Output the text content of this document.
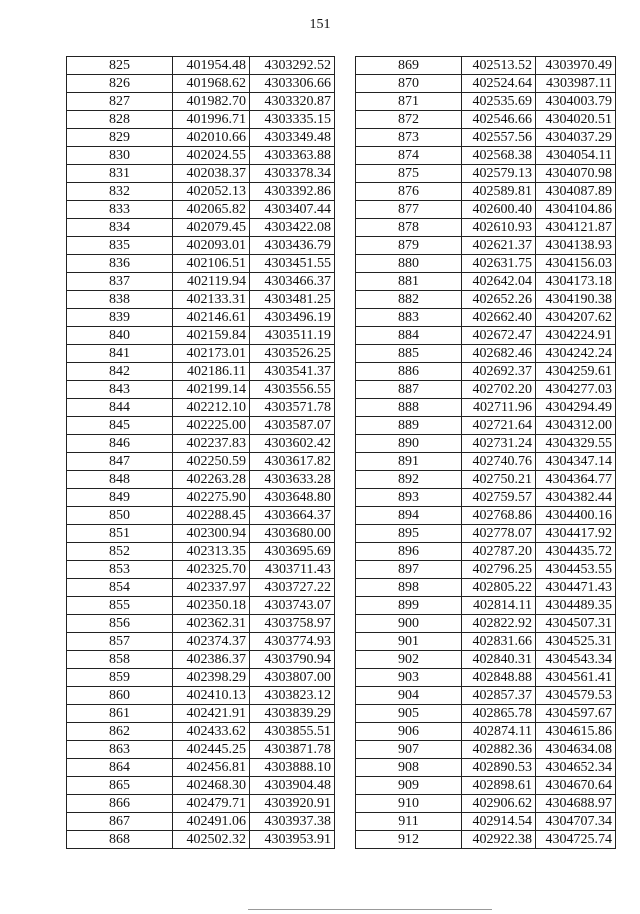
151
825	401954.48	4303292.52
826	401968.62	4303306.66
827	401982.70	4303320.87
828	401996.71	4303335.15
829	402010.66	4303349.48
830	402024.55	4303363.88
831	402038.37	4303378.34
832	402052.13	4303392.86
833	402065.82	4303407.44
834	402079.45	4303422.08
835	402093.01	4303436.79
836	402106.51	4303451.55
837	402119.94	4303466.37
838	402133.31	4303481.25
839	402146.61	4303496.19
840	402159.84	4303511.19
841	402173.01	4303526.25
842	402186.11	4303541.37
843	402199.14	4303556.55
844	402212.10	4303571.78
845	402225.00	4303587.07
846	402237.83	4303602.42
847	402250.59	4303617.82
848	402263.28	4303633.28
849	402275.90	4303648.80
850	402288.45	4303664.37
851	402300.94	4303680.00
852	402313.35	4303695.69
853	402325.70	4303711.43
854	402337.97	4303727.22
855	402350.18	4303743.07
856	402362.31	4303758.97
857	402374.37	4303774.93
858	402386.37	4303790.94
859	402398.29	4303807.00
860	402410.13	4303823.12
861	402421.91	4303839.29
862	402433.62	4303855.51
863	402445.25	4303871.78
864	402456.81	4303888.10
865	402468.30	4303904.48
866	402479.71	4303920.91
867	402491.06	4303937.38
868	402502.32	4303953.91
869	402513.52	4303970.49
870	402524.64	4303987.11
871	402535.69	4304003.79
872	402546.66	4304020.51
873	402557.56	4304037.29
874	402568.38	4304054.11
875	402579.13	4304070.98
876	402589.81	4304087.89
877	402600.40	4304104.86
878	402610.93	4304121.87
879	402621.37	4304138.93
880	402631.75	4304156.03
881	402642.04	4304173.18
882	402652.26	4304190.38
883	402662.40	4304207.62
884	402672.47	4304224.91
885	402682.46	4304242.24
886	402692.37	4304259.61
887	402702.20	4304277.03
888	402711.96	4304294.49
889	402721.64	4304312.00
890	402731.24	4304329.55
891	402740.76	4304347.14
892	402750.21	4304364.77
893	402759.57	4304382.44
894	402768.86	4304400.16
895	402778.07	4304417.92
896	402787.20	4304435.72
897	402796.25	4304453.55
898	402805.22	4304471.43
899	402814.11	4304489.35
900	402822.92	4304507.31
901	402831.66	4304525.31
902	402840.31	4304543.34
903	402848.88	4304561.41
904	402857.37	4304579.53
905	402865.78	4304597.67
906	402874.11	4304615.86
907	402882.36	4304634.08
908	402890.53	4304652.34
909	402898.61	4304670.64
910	402906.62	4304688.97
911	402914.54	4304707.34
912	402922.38	4304725.74
